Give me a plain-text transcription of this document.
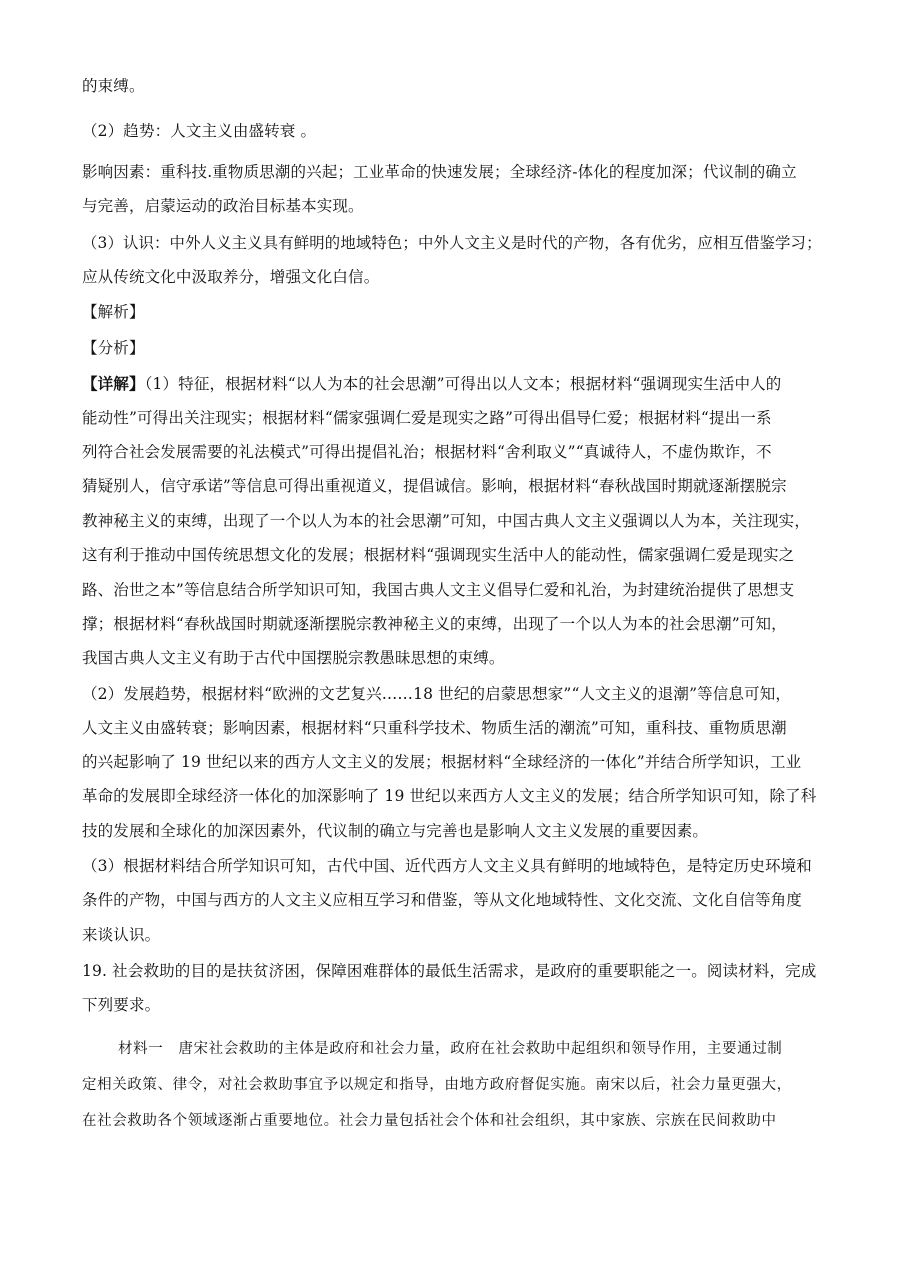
的束缚。
（2）趋势：人文主义由盛转衰 。
影响因素：重科技.重物质思潮的兴起；工业革命的快速发展；全球经济-体化的程度加深；代议制的确立
与完善，启蒙运动的政治目标基本实现。
（3）认识：中外人义主义具有鲜明的地域特色；中外人文主义是时代的产物，各有优劣，应相互借鉴学习；
应从传统文化中汲取养分，增强文化白信。
【解析】
【分析】
【详解】（1）特征，根据材料“以人为本的社会思潮”可得出以人文本；根据材料“强调现实生活中人的
能动性”可得出关注现实；根据材料“儒家强调仁爱是现实之路”可得出倡导仁爱；根据材料“提出一系
列符合社会发展需要的礼法模式”可得出提倡礼治；根据材料“舍利取义”“真诚待人，不虚伪欺诈，不
猜疑别人，信守承诺”等信息可得出重视道义，提倡诚信。影响，根据材料“春秋战国时期就逐渐摆脱宗
教神秘主义的束缚，出现了一个以人为本的社会思潮”可知，中国古典人文主义强调以人为本，关注现实，
这有利于推动中国传统思想文化的发展；根据材料“强调现实生活中人的能动性，儒家强调仁爱是现实之
路、治世之本”等信息结合所学知识可知，我国古典人文主义倡导仁爱和礼治，为封建统治提供了思想支
撑；根据材料“春秋战国时期就逐渐摆脱宗教神秘主义的束缚，出现了一个以人为本的社会思潮”可知，
我国古典人文主义有助于古代中国摆脱宗教愚昧思想的束缚。
（2）发展趋势，根据材料“欧洲的文艺复兴……18 世纪的启蒙思想家”“人文主义的退潮”等信息可知，
人文主义由盛转衰；影响因素，根据材料“只重科学技术、物质生活的潮流”可知，重科技、重物质思潮
的兴起影响了 19 世纪以来的西方人文主义的发展；根据材料“全球经济的一体化”并结合所学知识，工业
革命的发展即全球经济一体化的加深影响了 19 世纪以来西方人文主义的发展；结合所学知识可知，除了科
技的发展和全球化的加深因素外，代议制的确立与完善也是影响人文主义发展的重要因素。
（3）根据材料结合所学知识可知，古代中国、近代西方人文主义具有鲜明的地域特色，是特定历史环境和
条件的产物，中国与西方的人文主义应相互学习和借鉴，等从文化地域特性、文化交流、文化自信等角度
来谈认识。
19. 社会救助的目的是扶贫济困，保障困难群体的最低生活需求，是政府的重要职能之一。阅读材料，完成
下列要求。
材料一　唐宋社会救助的主体是政府和社会力量，政府在社会救助中起组织和领导作用，主要通过制
定相关政策、律令，对社会救助事宜予以规定和指导，由地方政府督促实施。南宋以后，社会力量更强大，
在社会救助各个领域逐渐占重要地位。社会力量包括社会个体和社会组织，其中家族、宗族在民间救助中
